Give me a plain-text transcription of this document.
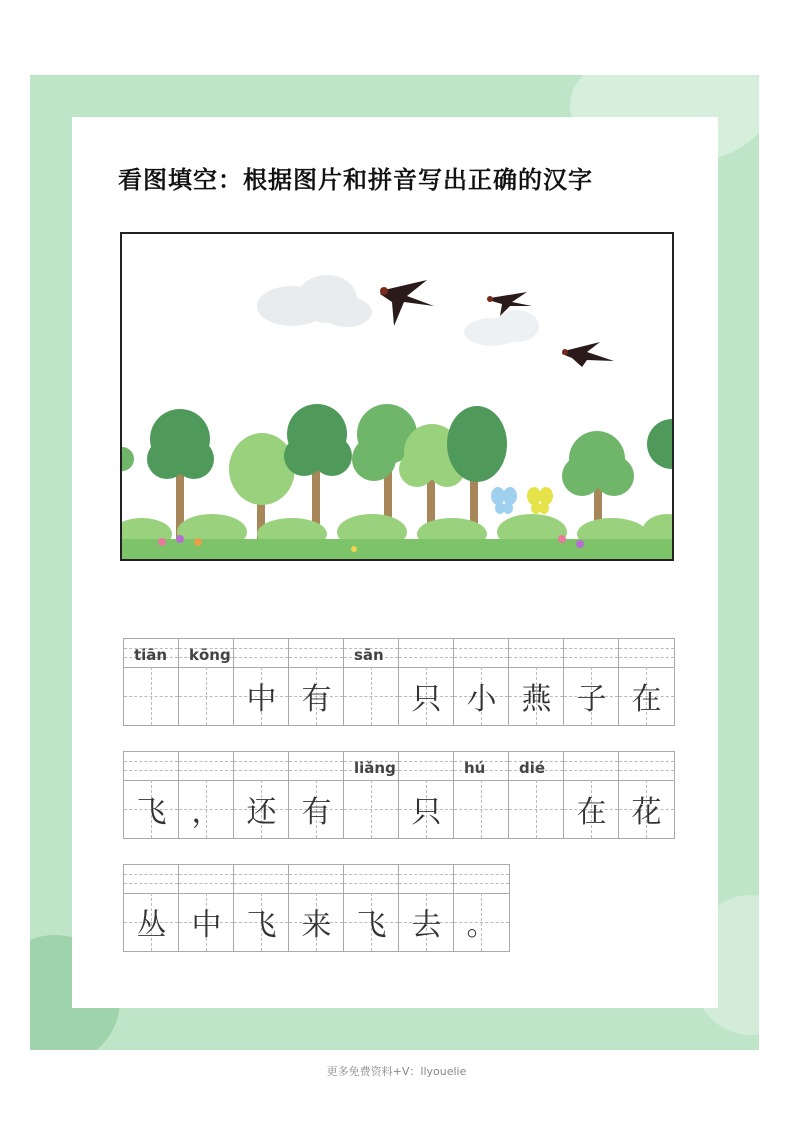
看图填空：根据图片和拼音写出正确的汉字
tiān kōng
中 有
sān
只 小 燕 子 在
飞 ， 还 有
liǎng
只
hú dié
在 花
丛 中 飞 来 飞 去 。
更多免费资料+V：llyouelie
